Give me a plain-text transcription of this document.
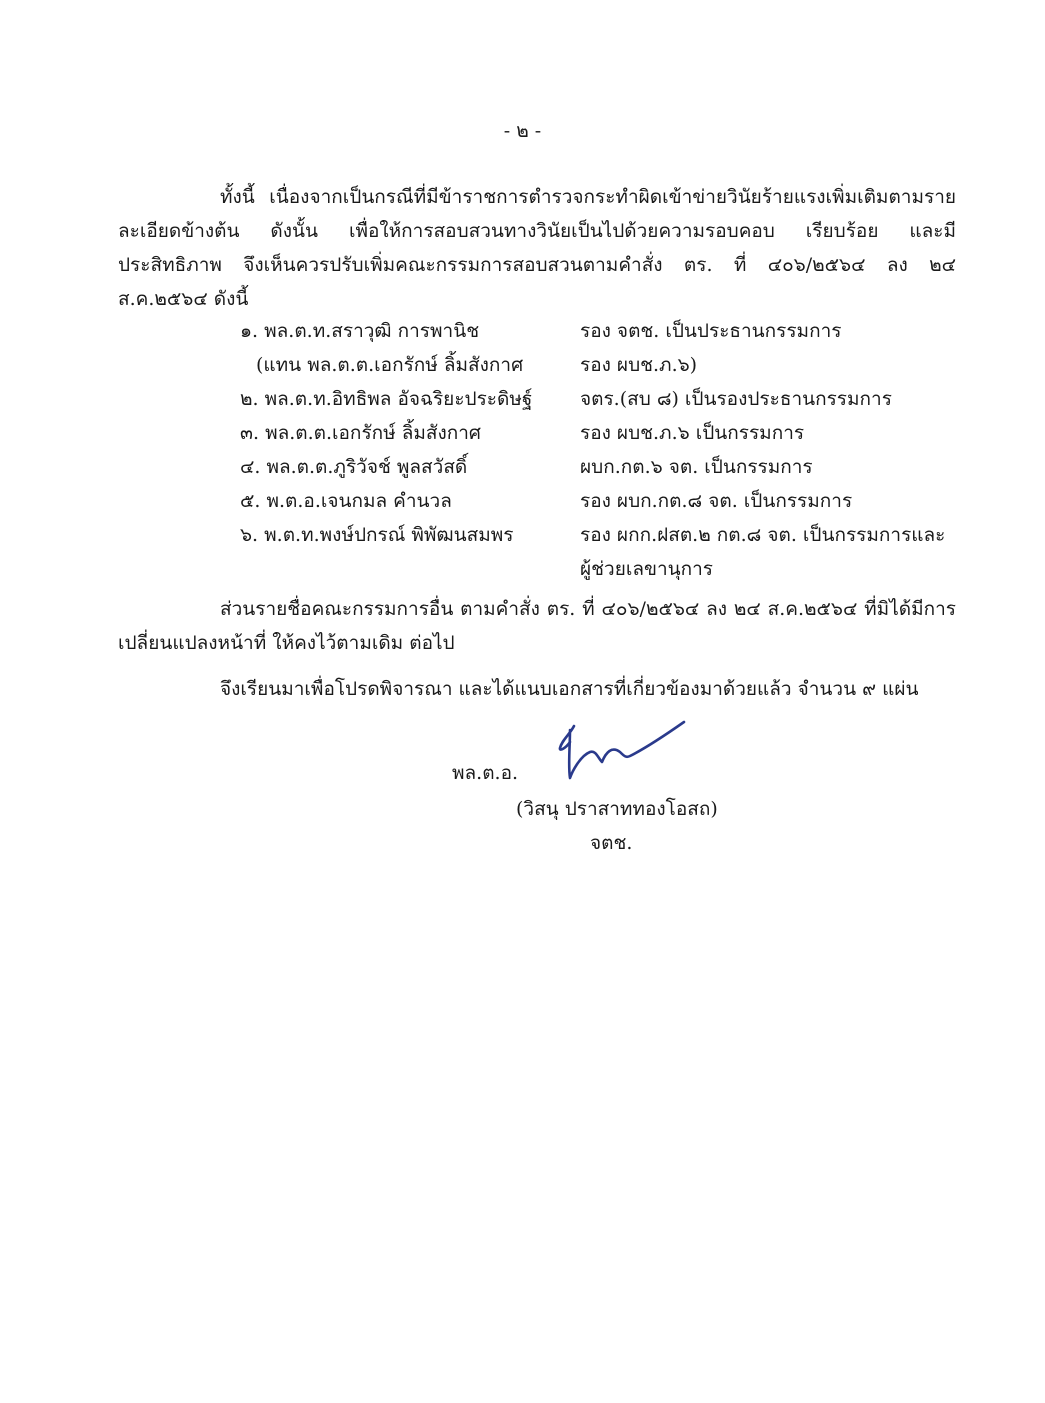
- ๒ -

ทั้งนี้ เนื่องจากเป็นกรณีที่มีข้าราชการตำรวจกระทำผิดเข้าข่ายวินัยร้ายแรงเพิ่มเติมตามรายละเอียดข้างต้น ดังนั้น เพื่อให้การสอบสวนทางวินัยเป็นไปด้วยความรอบคอบ เรียบร้อย และมีประสิทธิภาพ จึงเห็นควรปรับเพิ่มคณะกรรมการสอบสวนตามคำสั่ง ตร. ที่ ๔๐๖/๒๕๖๔ ลง ๒๔ ส.ค.๒๕๖๔ ดังนี้

๑. พล.ต.ท.สราวุฒิ การพานิช	รอง จตช. เป็นประธานกรรมการ
(แทน พล.ต.ต.เอกรักษ์ ลิ้มสังกาศ	รอง ผบช.ภ.๖)
๒. พล.ต.ท.อิทธิพล อัจฉริยะประดิษฐ์	จตร.(สบ ๘) เป็นรองประธานกรรมการ
๓. พล.ต.ต.เอกรักษ์ ลิ้มสังกาศ	รอง ผบช.ภ.๖ เป็นกรรมการ
๔. พล.ต.ต.ภูริวัจช์ พูลสวัสดิ์	ผบก.กต.๖ จต. เป็นกรรมการ
๕. พ.ต.อ.เจนกมล คำนวล	รอง ผบก.กต.๘ จต. เป็นกรรมการ
๖. พ.ต.ท.พงษ์ปกรณ์ พิพัฒนสมพร	รอง ผกก.ฝสต.๒ กต.๘ จต. เป็นกรรมการและ
ผู้ช่วยเลขานุการ

ส่วนรายชื่อคณะกรรมการอื่น ตามคำสั่ง ตร. ที่ ๔๐๖/๒๕๖๔ ลง ๒๔ ส.ค.๒๕๖๔ ที่มิได้มีการเปลี่ยนแปลงหน้าที่ ให้คงไว้ตามเดิม ต่อไป

จึงเรียนมาเพื่อโปรดพิจารณา และได้แนบเอกสารที่เกี่ยวข้องมาด้วยแล้ว จำนวน ๙ แผ่น

พล.ต.อ.
(วิสนุ ปราสาททองโอสถ)
จตช.
